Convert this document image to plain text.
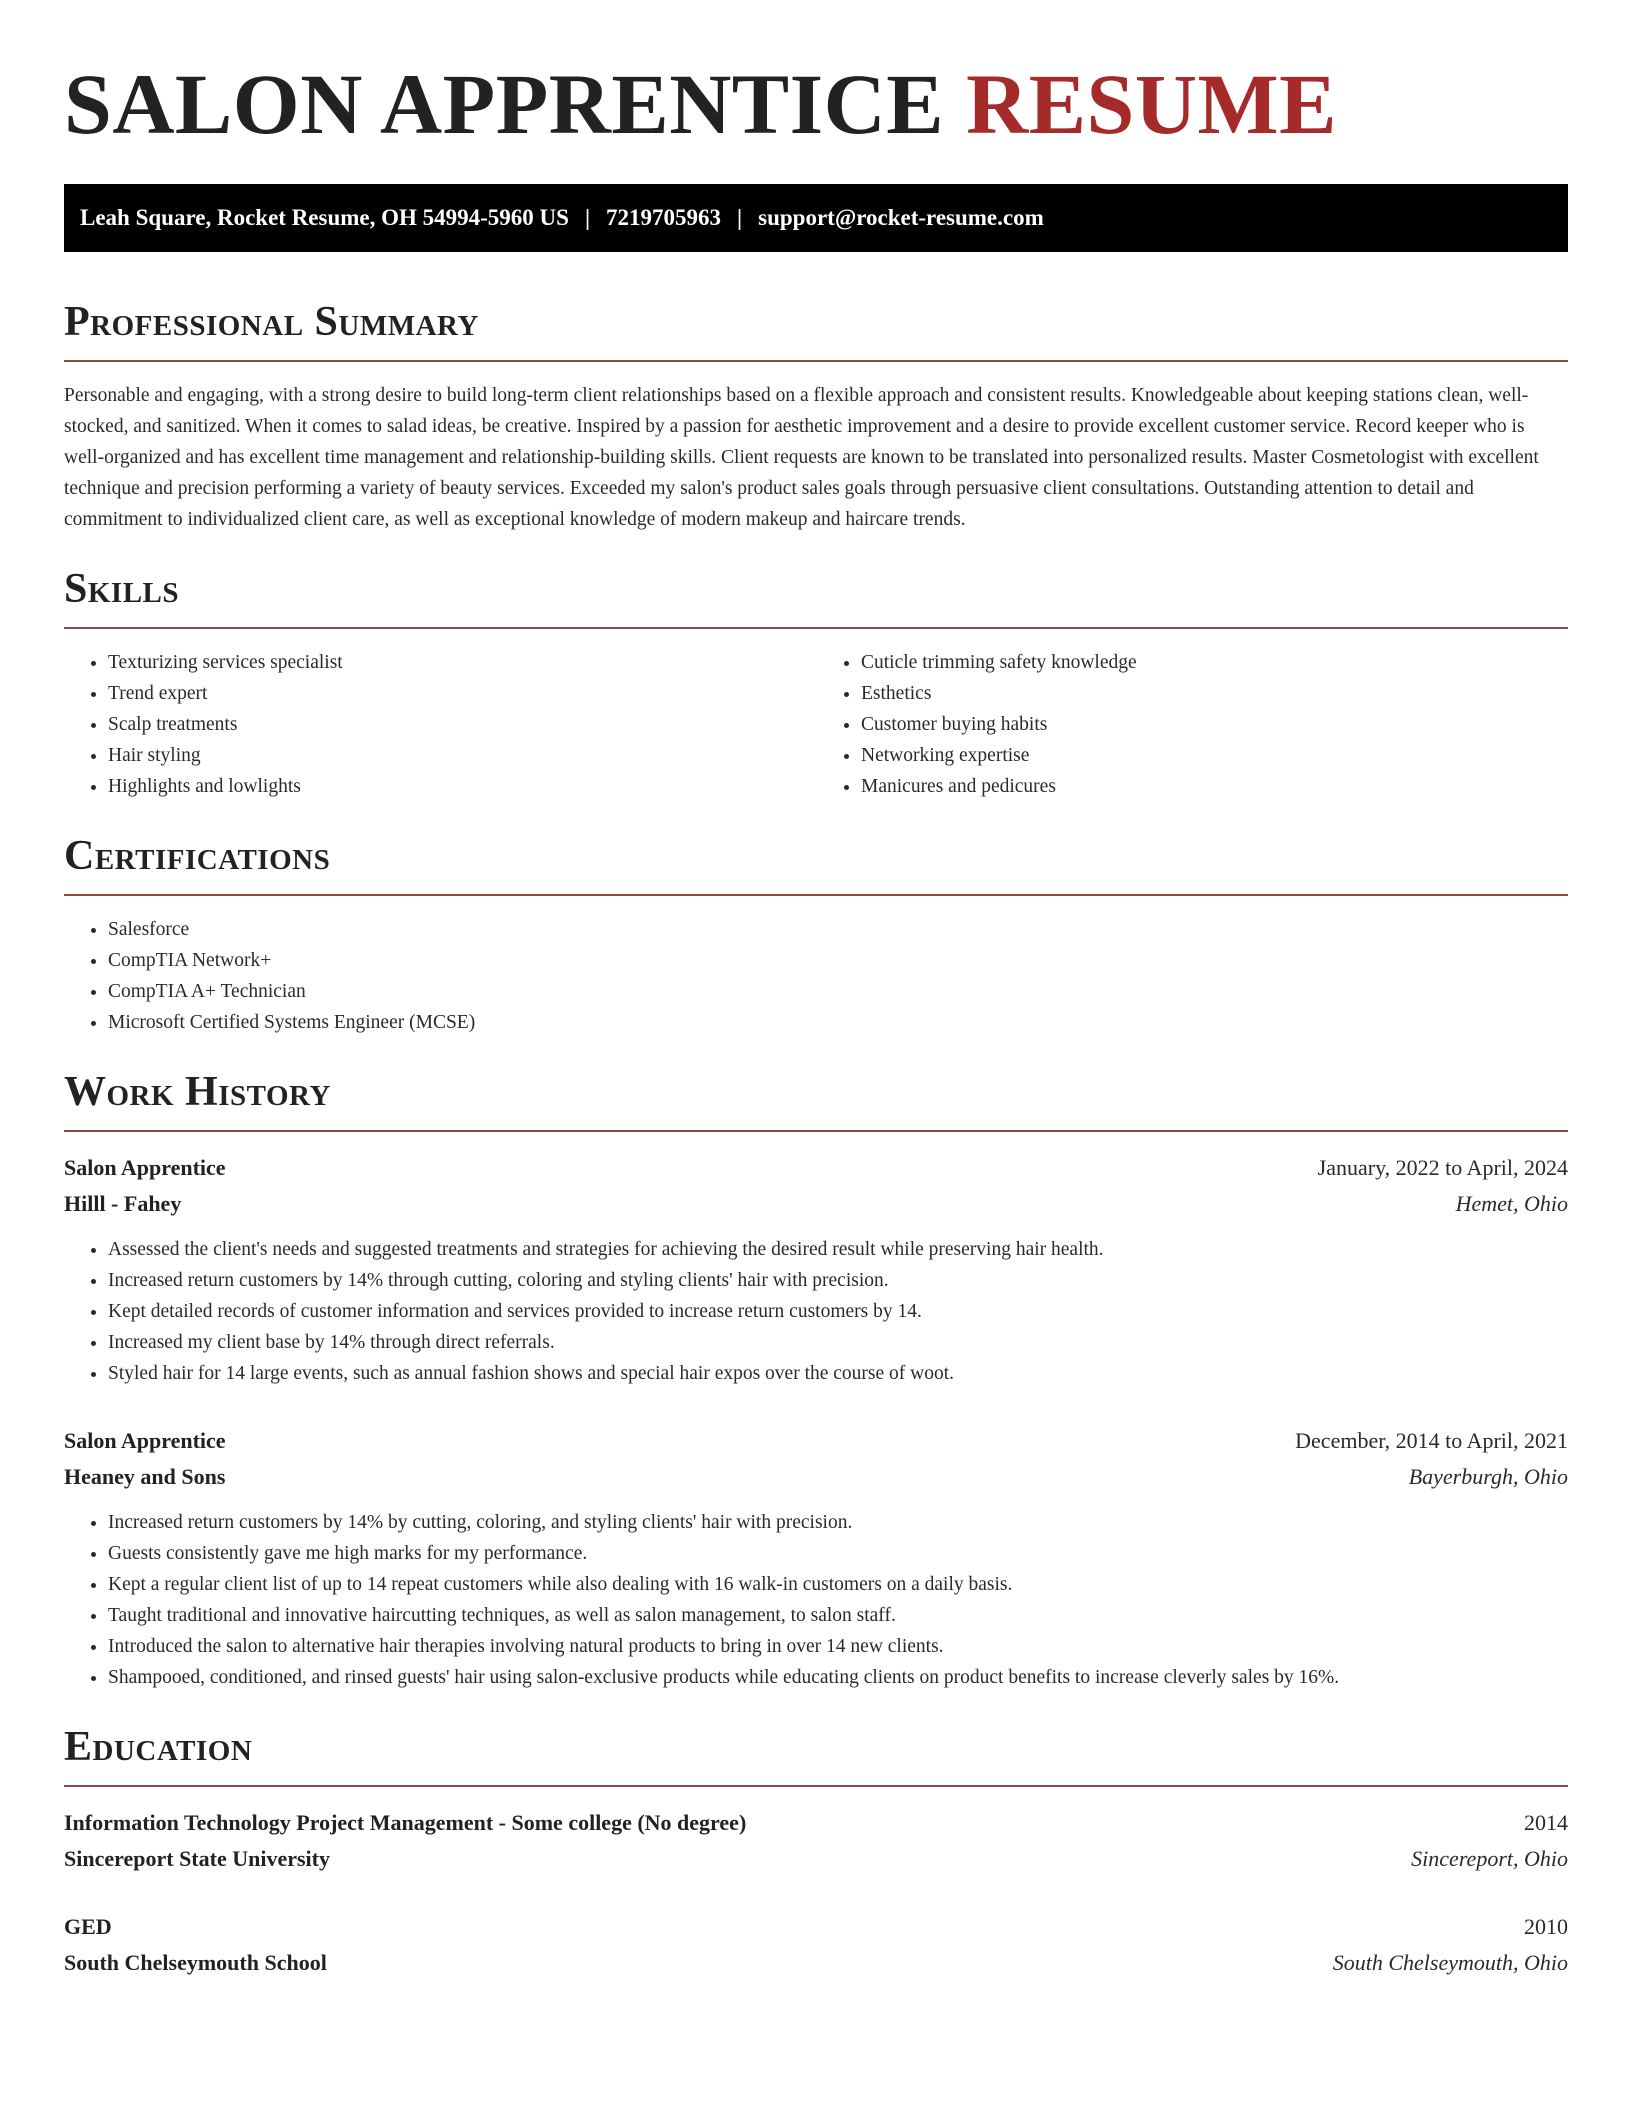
SALON APPRENTICE RESUME
Leah Square, Rocket Resume, OH 54994-5960 US | 7219705963 | support@rocket-resume.com
Professional Summary

Personable and engaging, with a strong desire to build long-term client relationships based on a flexible approach and consistent results. Knowledgeable about keeping stations clean, well-stocked, and sanitized. When it comes to salad ideas, be creative. Inspired by a passion for aesthetic improvement and a desire to provide excellent customer service. Record keeper who is well-organized and has excellent time management and relationship-building skills. Client requests are known to be translated into personalized results. Master Cosmetologist with excellent technique and precision performing a variety of beauty services. Exceeded my salon's product sales goals through persuasive client consultations. Outstanding attention to detail and commitment to individualized client care, as well as exceptional knowledge of modern makeup and haircare trends.

Skills
• Texturizing services specialist
• Trend expert
• Scalp treatments
• Hair styling
• Highlights and lowlights
• Cuticle trimming safety knowledge
• Esthetics
• Customer buying habits
• Networking expertise
• Manicures and pedicures
Certifications
• Salesforce
• CompTIA Network+
• CompTIA A+ Technician
• Microsoft Certified Systems Engineer (MCSE)
Work History
Salon Apprentice	January, 2022 to April, 2024
Hilll - Fahey	Hemet, Ohio
• Assessed the client's needs and suggested treatments and strategies for achieving the desired result while preserving hair health.
• Increased return customers by 14% through cutting, coloring and styling clients' hair with precision.
• Kept detailed records of customer information and services provided to increase return customers by 14.
• Increased my client base by 14% through direct referrals.
• Styled hair for 14 large events, such as annual fashion shows and special hair expos over the course of woot.
Salon Apprentice	December, 2014 to April, 2021
Heaney and Sons	Bayerburgh, Ohio
• Increased return customers by 14% by cutting, coloring, and styling clients' hair with precision.
• Guests consistently gave me high marks for my performance.
• Kept a regular client list of up to 14 repeat customers while also dealing with 16 walk-in customers on a daily basis.
• Taught traditional and innovative haircutting techniques, as well as salon management, to salon staff.
• Introduced the salon to alternative hair therapies involving natural products to bring in over 14 new clients.
• Shampooed, conditioned, and rinsed guests' hair using salon-exclusive products while educating clients on product benefits to increase cleverly sales by 16%.
Education
Information Technology Project Management - Some college (No degree)	2014
Sincereport State University	Sincereport, Ohio
GED	2010
South Chelseymouth School	South Chelseymouth, Ohio
